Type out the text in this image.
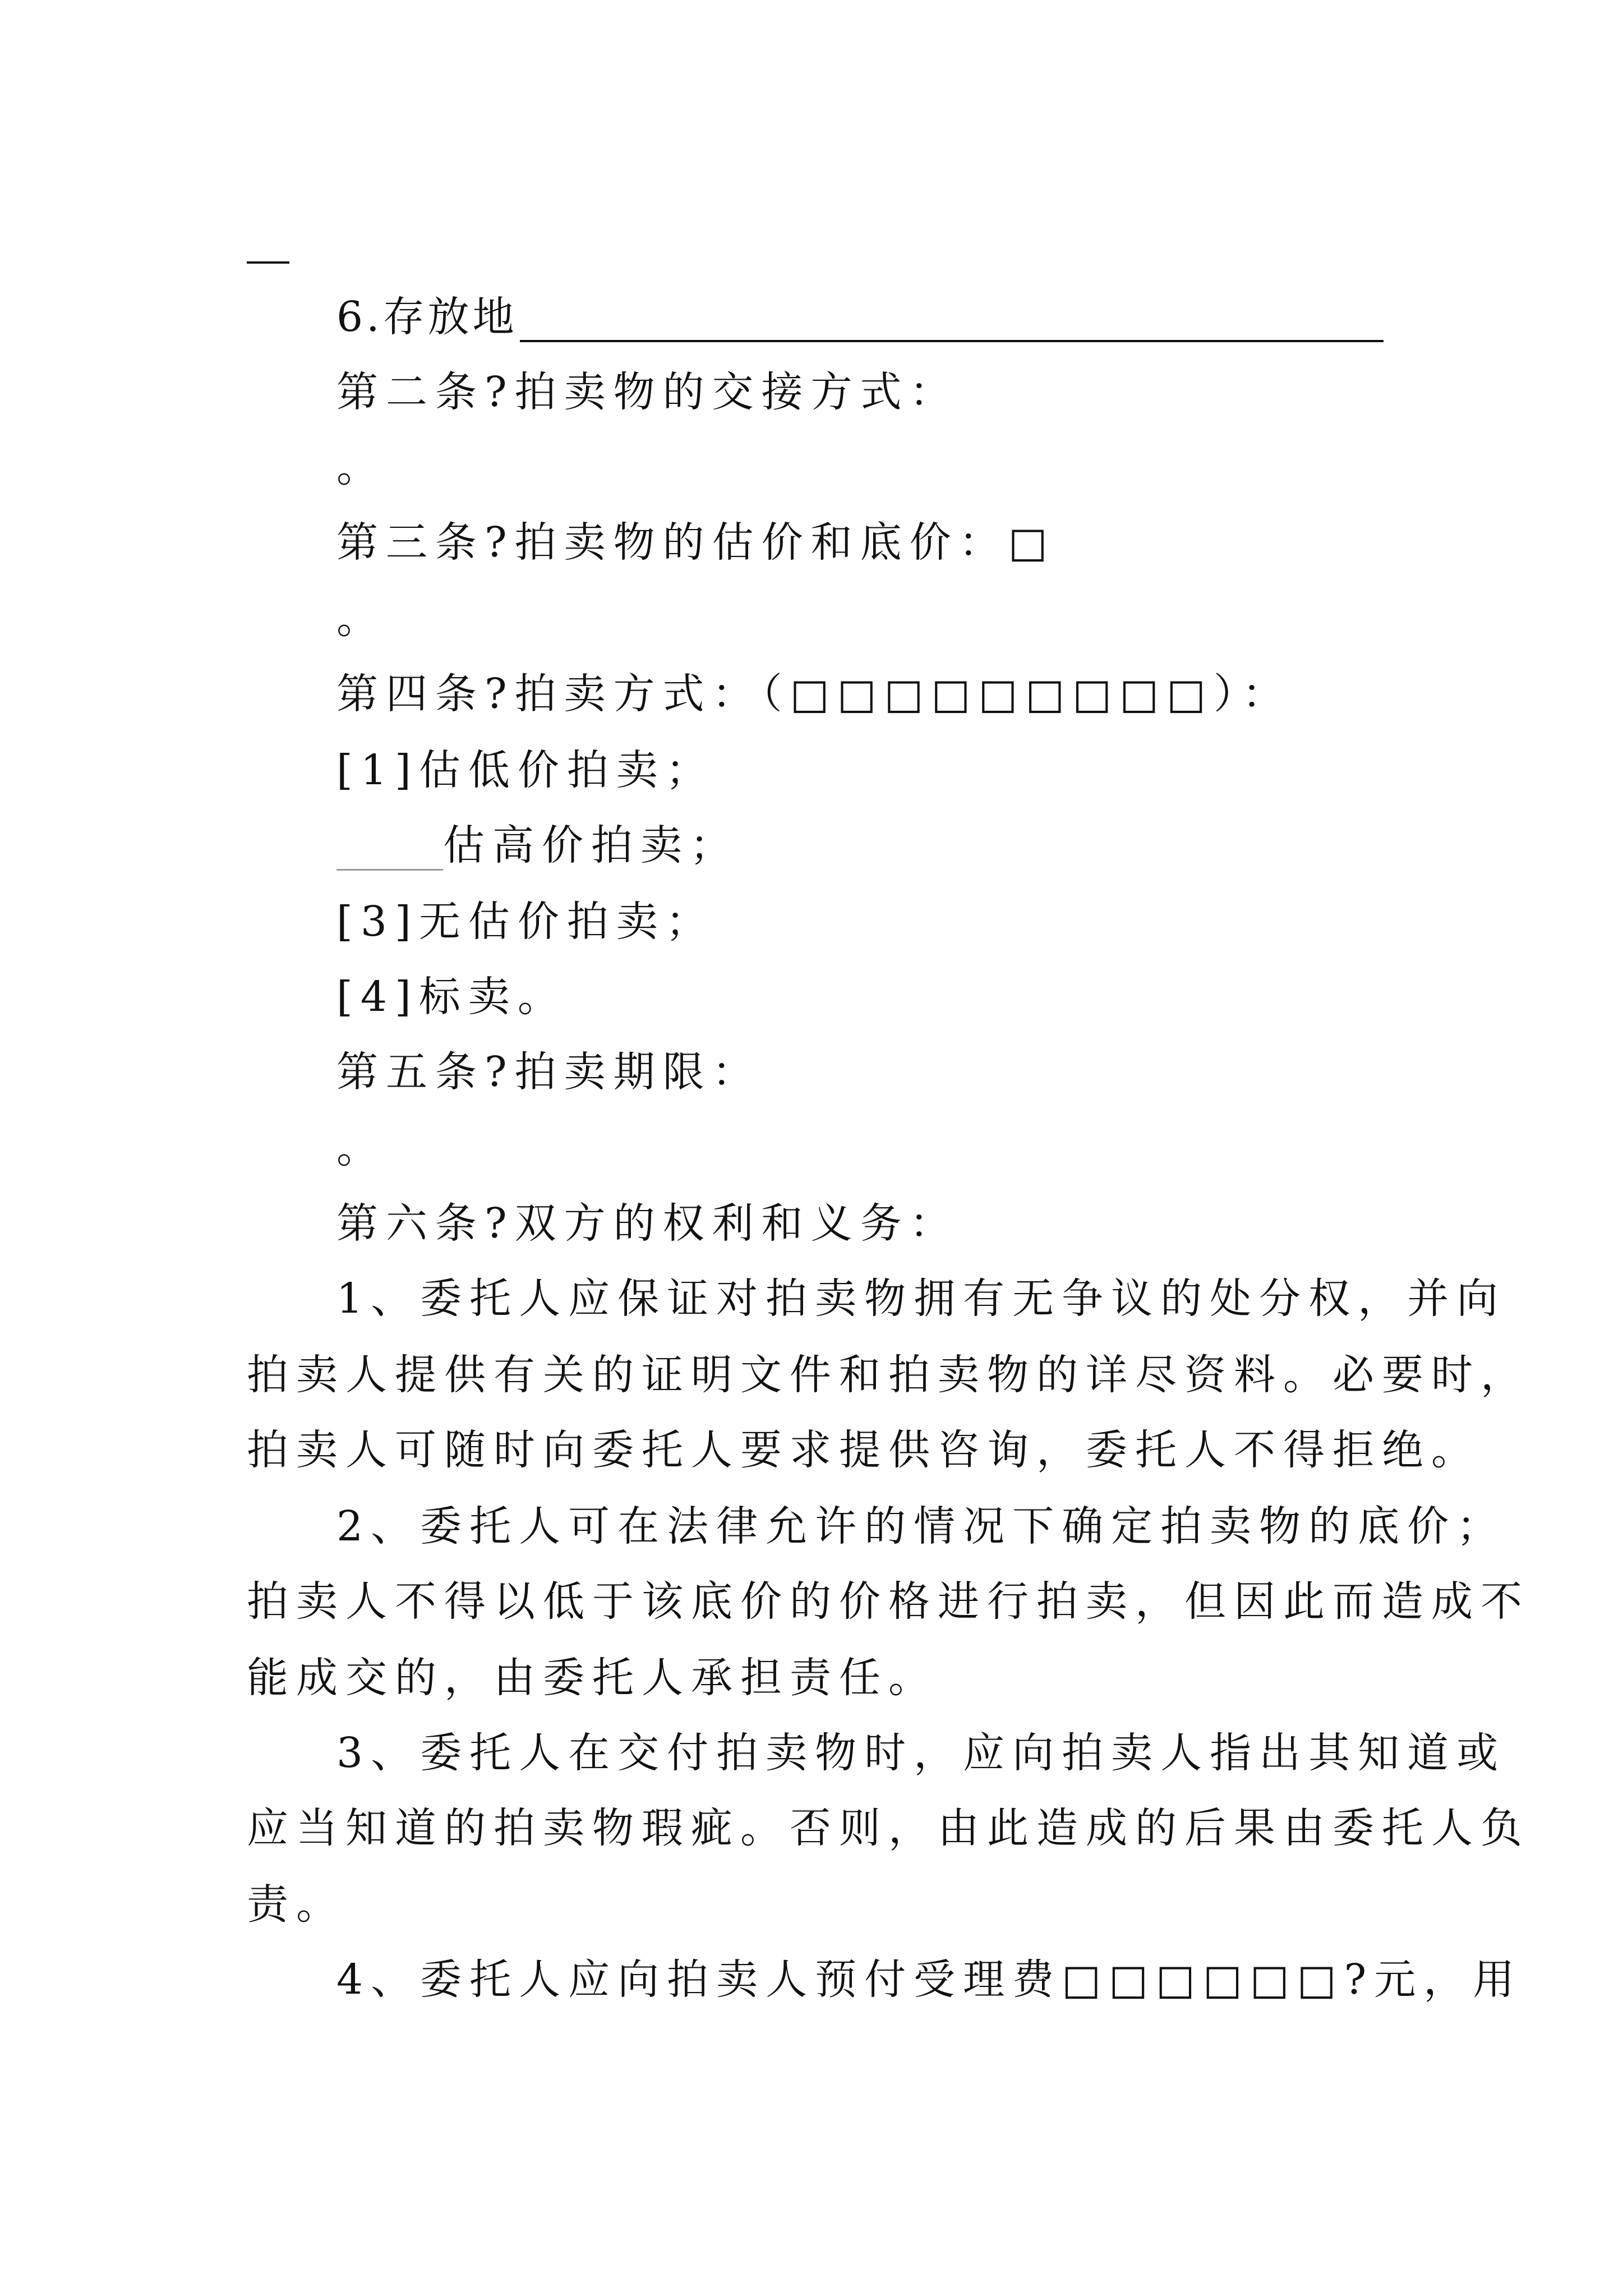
6.存放地
第二条?拍卖物的交接方式：
。
第三条?拍卖物的估价和底价：□
。
第四条?拍卖方式：（□□□□□□□□□）：
[1]估低价拍卖；
估高价拍卖；
[3]无估价拍卖；
[4]标卖。
第五条?拍卖期限：
。
第六条?双方的权利和义务：
1、委托人应保证对拍卖物拥有无争议的处分权，并向
拍卖人提供有关的证明文件和拍卖物的详尽资料。必要时，
拍卖人可随时向委托人要求提供咨询，委托人不得拒绝。
2、委托人可在法律允许的情况下确定拍卖物的底价；
拍卖人不得以低于该底价的价格进行拍卖，但因此而造成不
能成交的，由委托人承担责任。
3、委托人在交付拍卖物时，应向拍卖人指出其知道或
应当知道的拍卖物瑕疵。否则，由此造成的后果由委托人负
责。
4、委托人应向拍卖人预付受理费□□□□□□?元，用
